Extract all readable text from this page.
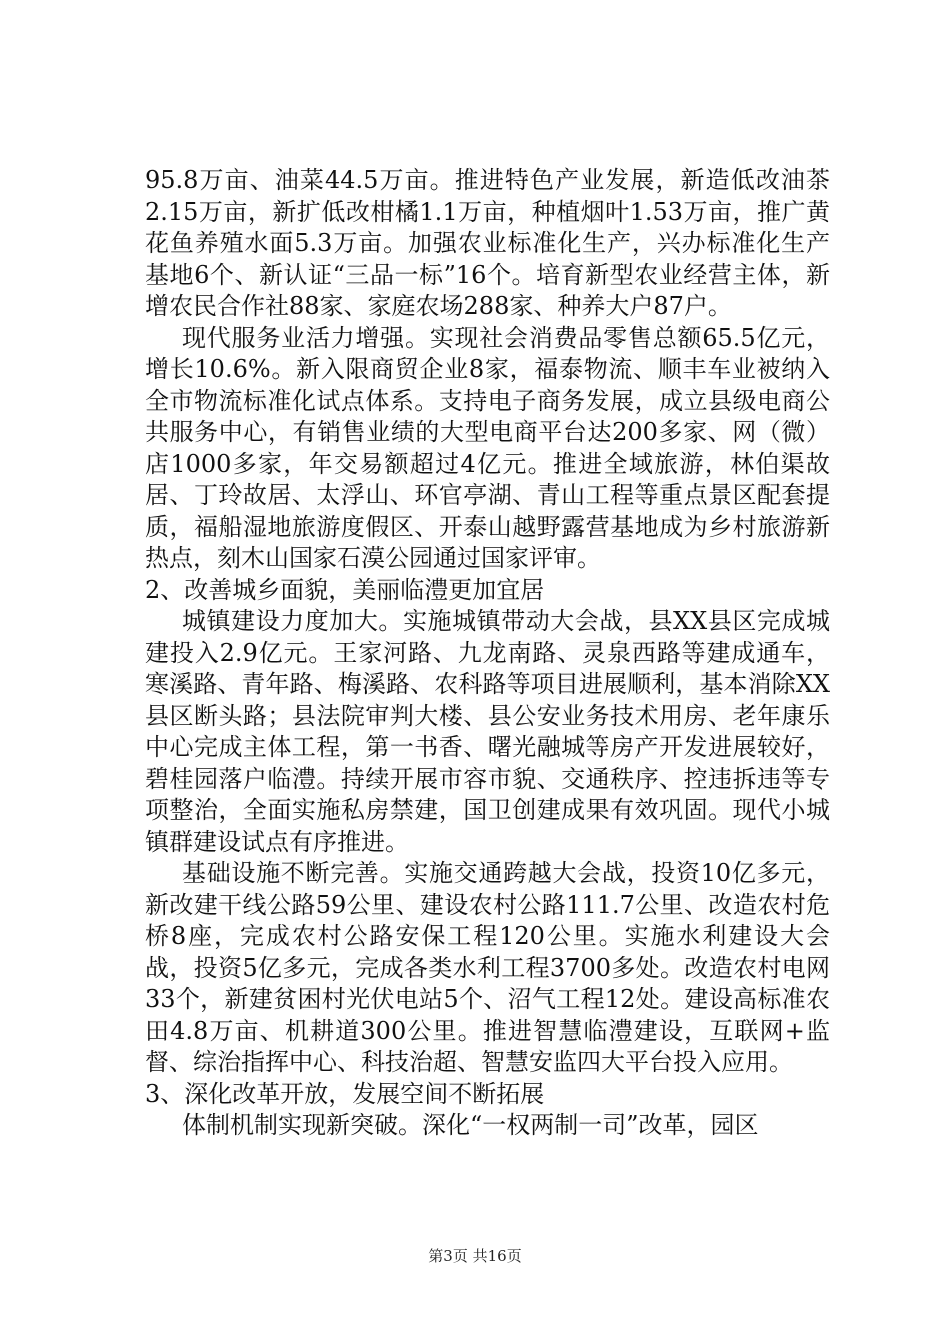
95.8万亩、油菜44.5万亩。推进特色产业发展，新造低改油茶2.15万亩，新扩低改柑橘1.1万亩，种植烟叶1.53万亩，推广黄花鱼养殖水面5.3万亩。加强农业标准化生产，兴办标准化生产基地6个、新认证“三品一标”16个。培育新型农业经营主体，新增农民合作社88家、家庭农场288家、种养大户87户。

现代服务业活力增强。实现社会消费品零售总额65.5亿元，增长10.6%。新入限商贸企业8家，福泰物流、顺丰车业被纳入全市物流标准化试点体系。支持电子商务发展，成立县级电商公共服务中心，有销售业绩的大型电商平台达200多家、网（微）店1000多家，年交易额超过4亿元。推进全域旅游，林伯渠故居、丁玲故居、太浮山、环官亭湖、青山工程等重点景区配套提质，福船湿地旅游度假区、开泰山越野露营基地成为乡村旅游新热点，刻木山国家石漠公园通过国家评审。

2、改善城乡面貌，美丽临澧更加宜居

城镇建设力度加大。实施城镇带动大会战，县XX县区完成城建投入2.9亿元。王家河路、九龙南路、灵泉西路等建成通车，寒溪路、青年路、梅溪路、农科路等项目进展顺利，基本消除XX县区断头路；县法院审判大楼、县公安业务技术用房、老年康乐中心完成主体工程，第一书香、曙光融城等房产开发进展较好，碧桂园落户临澧。持续开展市容市貌、交通秩序、控违拆违等专项整治，全面实施私房禁建，国卫创建成果有效巩固。现代小城镇群建设试点有序推进。

基础设施不断完善。实施交通跨越大会战，投资10亿多元，新改建干线公路59公里、建设农村公路111.7公里、改造农村危桥8座，完成农村公路安保工程120公里。实施水利建设大会战，投资5亿多元，完成各类水利工程3700多处。改造农村电网33个，新建贫困村光伏电站5个、沼气工程12处。建设高标准农田4.8万亩、机耕道300公里。推进智慧临澧建设，互联网+监督、综治指挥中心、科技治超、智慧安监四大平台投入应用。

3、深化改革开放，发展空间不断拓展

体制机制实现新突破。深化“一权两制一司”改革，园区

第3页 共16页
